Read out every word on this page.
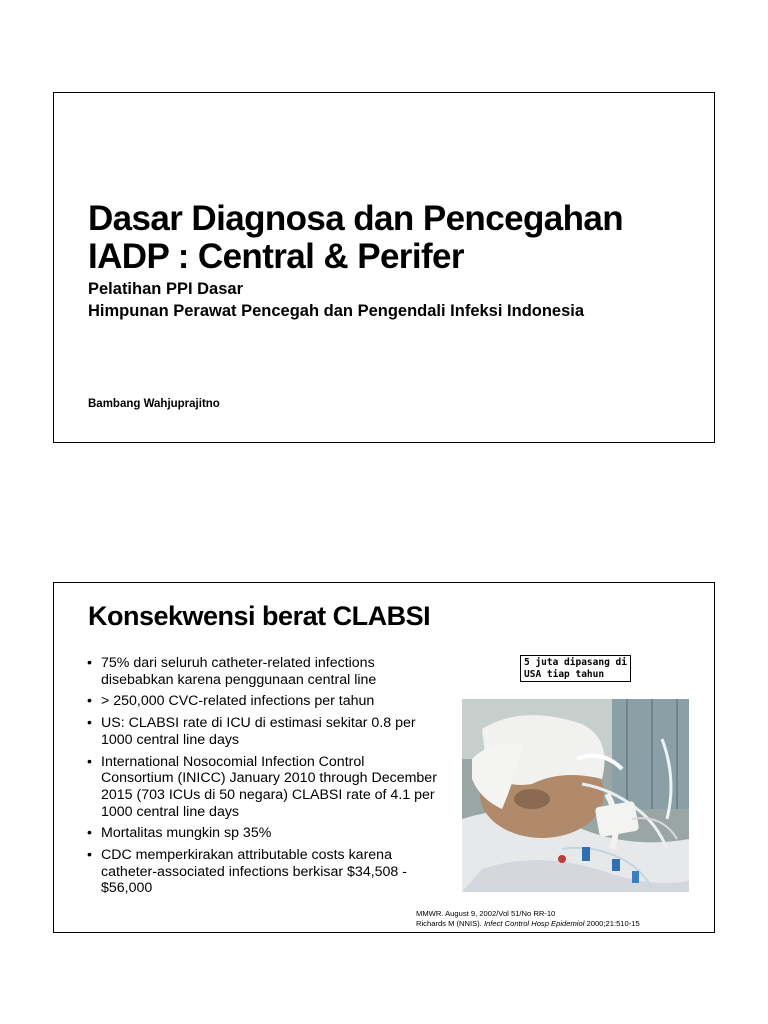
Dasar Diagnosa dan Pencegahan
IADP : Central & Perifer

Pelatihan PPI Dasar

Himpunan Perawat Pencegah dan Pengendali Infeksi Indonesia

Bambang Wahjuprajitno

Konsekwensi berat CLABSI
• 75% dari seluruh catheter-related infections disebabkan karena penggunaan central line
• > 250,000 CVC-related infections per tahun
• US: CLABSI rate di ICU di estimasi sekitar 0.8 per 1000 central line days
• International Nosocomial Infection Control Consortium (INICC) January 2010 through December 2015 (703 ICUs di 50 negara) CLABSI rate of 4.1 per 1000 central line days
• Mortalitas mungkin sp 35%
• CDC memperkirakan attributable costs karena catheter-associated infections berkisar $34,508 - $56,000
5 juta dipasang di USA tiap tahun
MMWR. August 9, 2002/Vol 51/No RR-10
Richards M (NNIS). Infect Control Hosp Epidemiol 2000;21:510-15
